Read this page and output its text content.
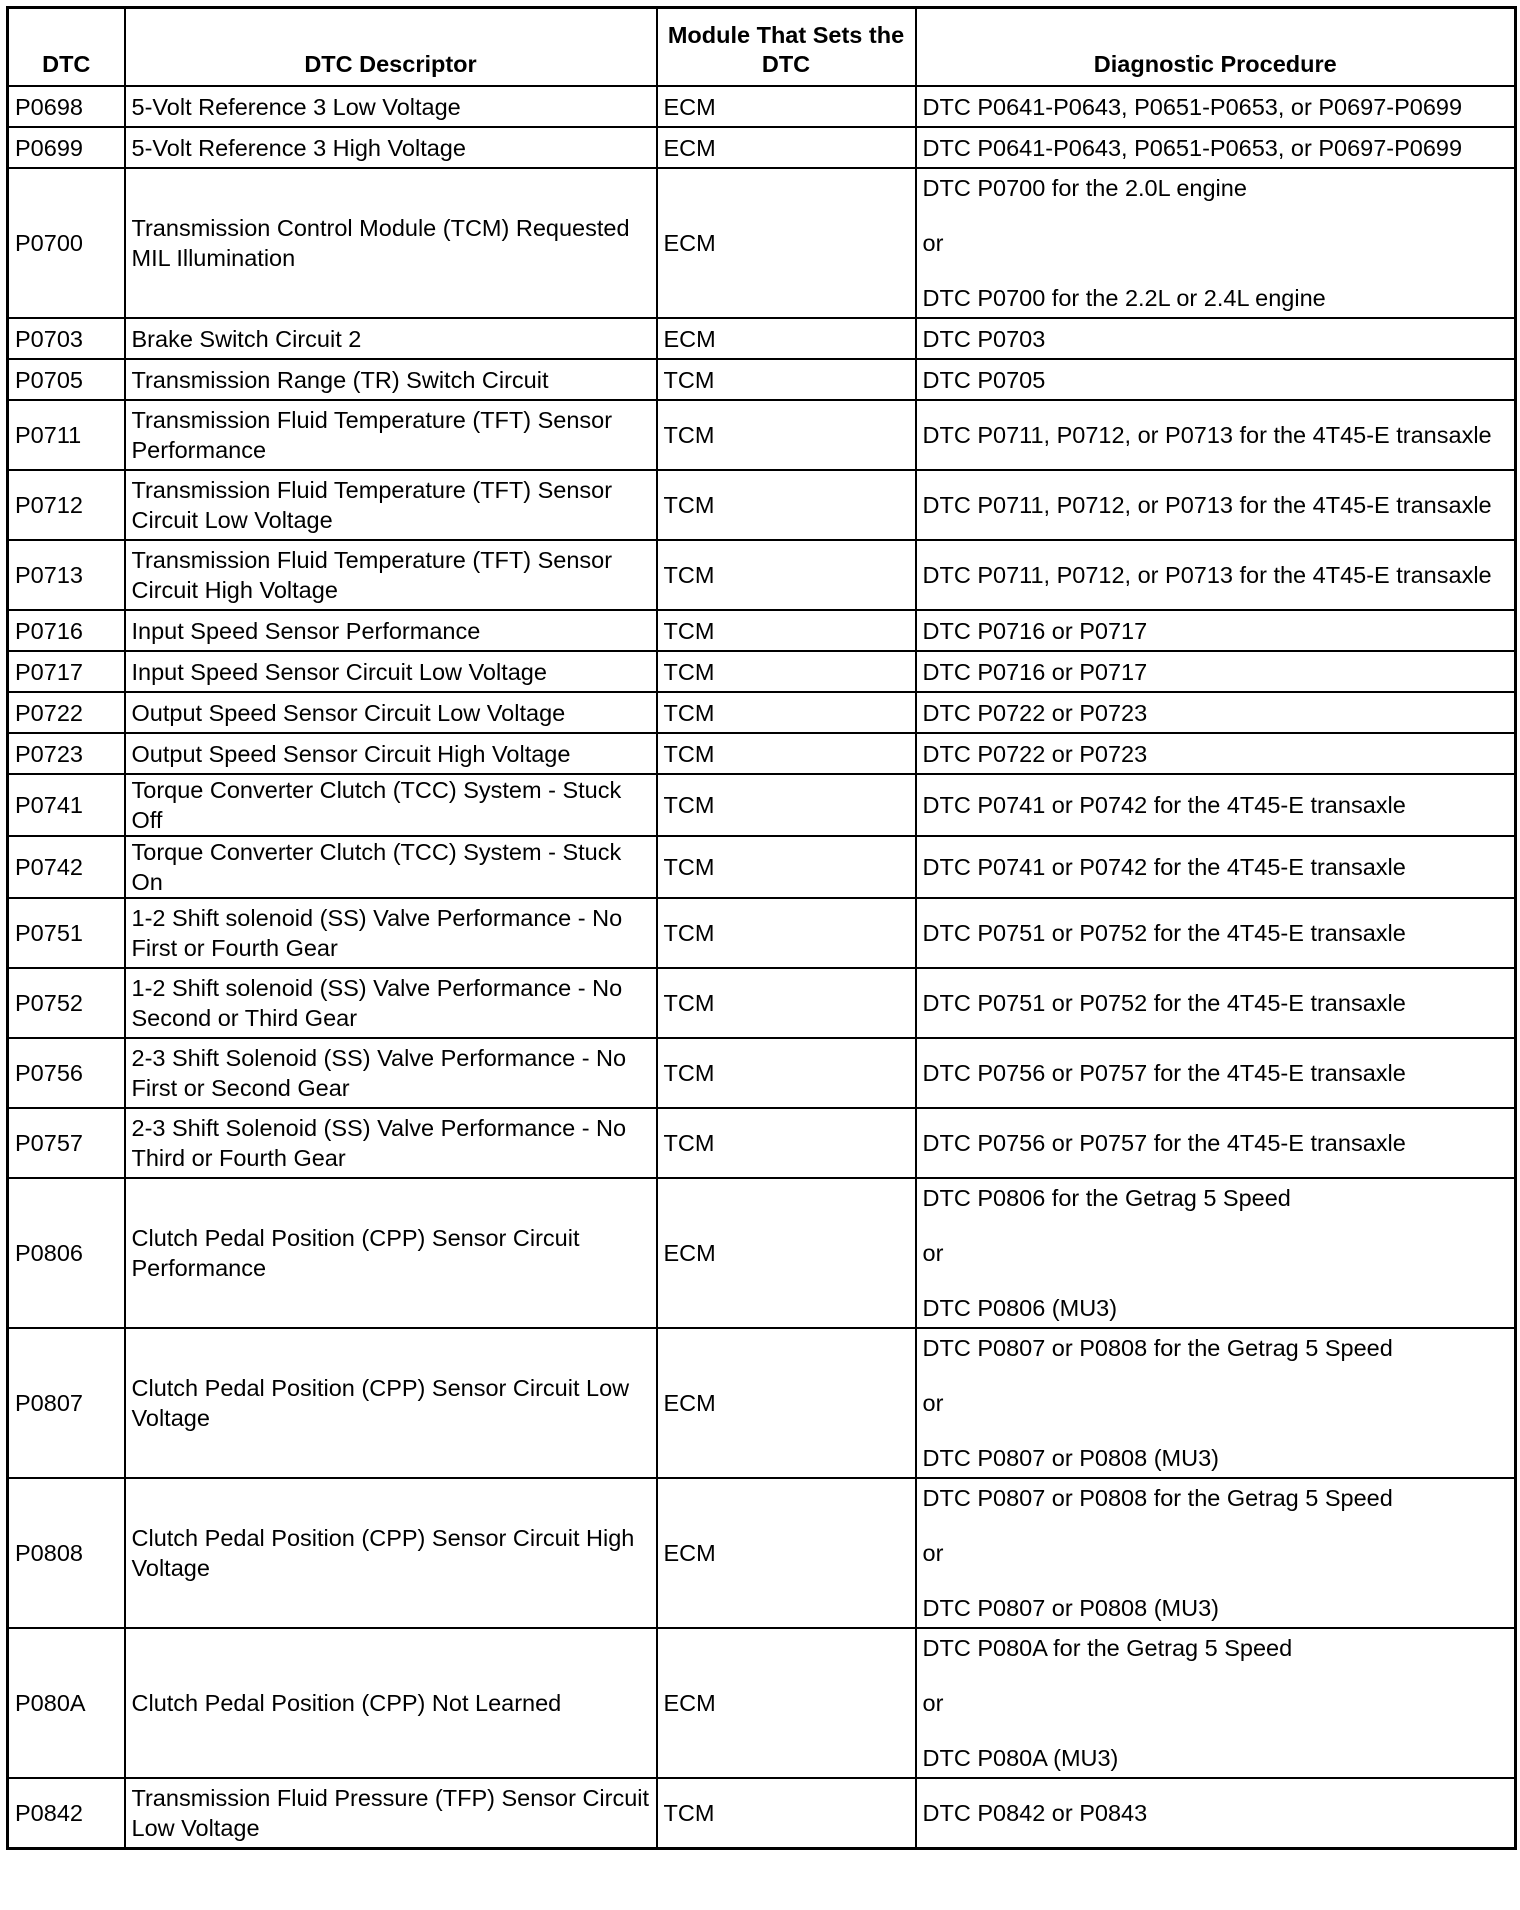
DTC	DTC Descriptor	Module That Sets the DTC	Diagnostic Procedure
P0698	5-Volt Reference 3 Low Voltage	ECM	DTC P0641-P0643, P0651-P0653, or P0697-P0699

P0699	5-Volt Reference 3 High Voltage	ECM	DTC P0641-P0643, P0651-P0653, or P0697-P0699

P0700	Transmission Control Module (TCM) Requested MIL Illumination	ECM	DTC P0700 for the 2.0L engine
or
DTC P0700 for the 2.2L or 2.4L engine

P0703	Brake Switch Circuit 2	ECM	DTC P0703

P0705	Transmission Range (TR) Switch Circuit	TCM	DTC P0705

P0711	Transmission Fluid Temperature (TFT) Sensor Performance	TCM	DTC P0711, P0712, or P0713 for the 4T45-E transaxle

P0712	Transmission Fluid Temperature (TFT) Sensor Circuit Low Voltage	TCM	DTC P0711, P0712, or P0713 for the 4T45-E transaxle

P0713	Transmission Fluid Temperature (TFT) Sensor Circuit High Voltage	TCM	DTC P0711, P0712, or P0713 for the 4T45-E transaxle

P0716	Input Speed Sensor Performance	TCM	DTC P0716 or P0717

P0717	Input Speed Sensor Circuit Low Voltage	TCM	DTC P0716 or P0717

P0722	Output Speed Sensor Circuit Low Voltage	TCM	DTC P0722 or P0723

P0723	Output Speed Sensor Circuit High Voltage	TCM	DTC P0722 or P0723

P0741	Torque Converter Clutch (TCC) System - Stuck Off	TCM	DTC P0741 or P0742 for the 4T45-E transaxle

P0742	Torque Converter Clutch (TCC) System - Stuck On	TCM	DTC P0741 or P0742 for the 4T45-E transaxle

P0751	1-2 Shift solenoid (SS) Valve Performance - No First or Fourth Gear	TCM	DTC P0751 or P0752 for the 4T45-E transaxle

P0752	1-2 Shift solenoid (SS) Valve Performance - No Second or Third Gear	TCM	DTC P0751 or P0752 for the 4T45-E transaxle

P0756	2-3 Shift Solenoid (SS) Valve Performance - No First or Second Gear	TCM	DTC P0756 or P0757 for the 4T45-E transaxle

P0757	2-3 Shift Solenoid (SS) Valve Performance - No Third or Fourth Gear	TCM	DTC P0756 or P0757 for the 4T45-E transaxle

P0806	Clutch Pedal Position (CPP) Sensor Circuit Performance	ECM	DTC P0806 for the Getrag 5 Speed
or
DTC P0806 (MU3)

P0807	Clutch Pedal Position (CPP) Sensor Circuit Low Voltage	ECM	DTC P0807 or P0808 for the Getrag 5 Speed
or
DTC P0807 or P0808 (MU3)

P0808	Clutch Pedal Position (CPP) Sensor Circuit High Voltage	ECM	DTC P0807 or P0808 for the Getrag 5 Speed
or
DTC P0807 or P0808 (MU3)

P080A	Clutch Pedal Position (CPP) Not Learned	ECM	DTC P080A for the Getrag 5 Speed
or
DTC P080A (MU3)

P0842	Transmission Fluid Pressure (TFP) Sensor Circuit Low Voltage	TCM	DTC P0842 or P0843
